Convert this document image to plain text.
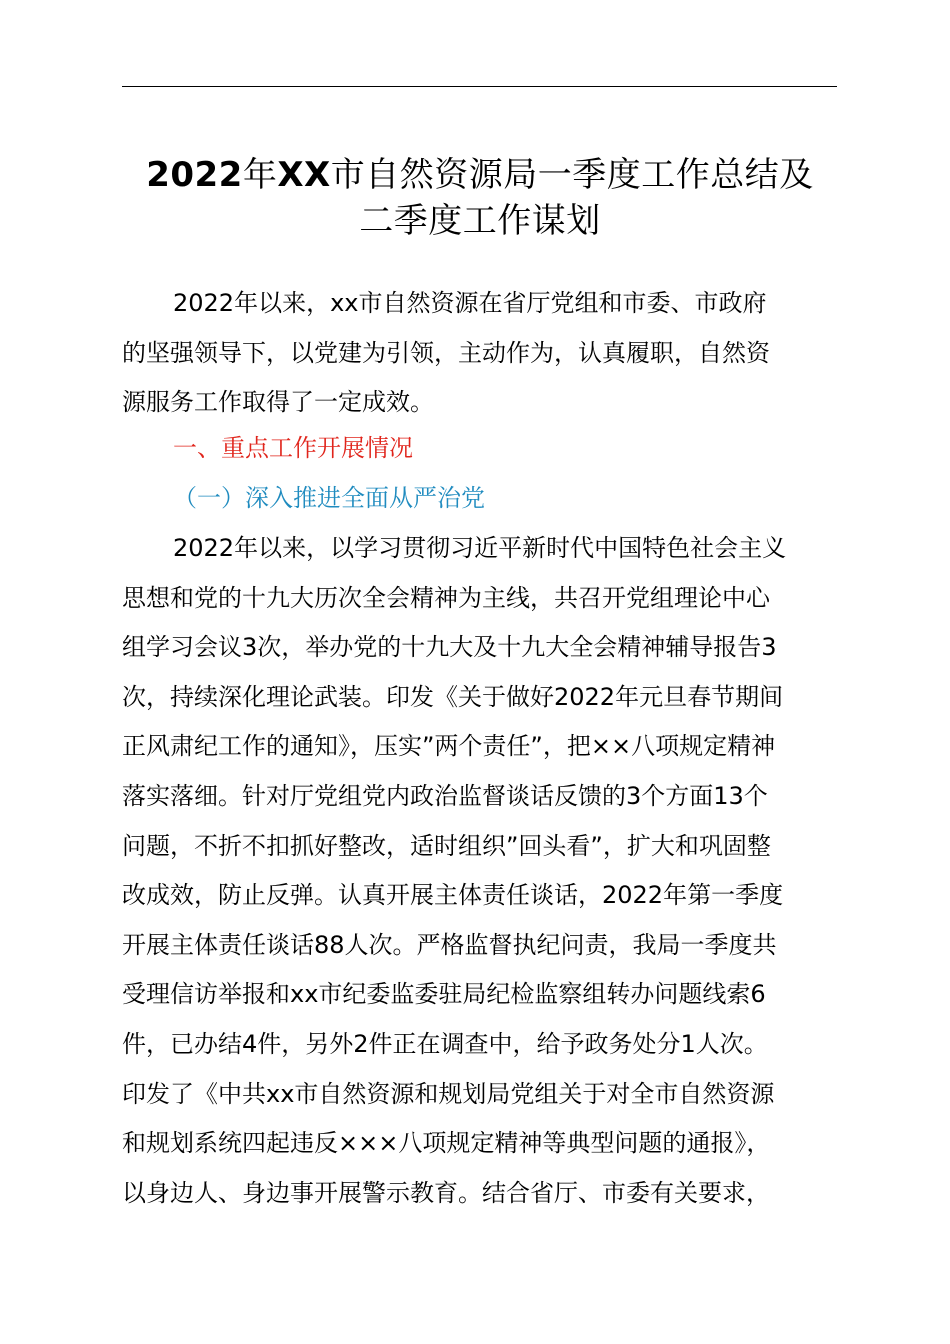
2022年XX市自然资源局一季度工作总结及
二季度工作谋划
2022年以来，xx市自然资源在省厅党组和市委、市政府
的坚强领导下，以党建为引领，主动作为，认真履职，自然资
源服务工作取得了一定成效。
一、重点工作开展情况
（一）深入推进全面从严治党
2022年以来，以学习贯彻习近平新时代中国特色社会主义
思想和党的十九大历次全会精神为主线，共召开党组理论中心
组学习会议3次，举办党的十九大及十九大全会精神辅导报告3
次，持续深化理论武装。印发《关于做好2022年元旦春节期间
正风肃纪工作的通知》，压实”两个责任”，把××八项规定精神
落实落细。针对厅党组党内政治监督谈话反馈的3个方面13个
问题，不折不扣抓好整改，适时组织”回头看”，扩大和巩固整
改成效，防止反弹。认真开展主体责任谈话，2022年第一季度
开展主体责任谈话88人次。严格监督执纪问责，我局一季度共
受理信访举报和xx市纪委监委驻局纪检监察组转办问题线索6
件，已办结4件，另外2件正在调查中，给予政务处分1人次。
印发了《中共xx市自然资源和规划局党组关于对全市自然资源
和规划系统四起违反×××八项规定精神等典型问题的通报》，
以身边人、身边事开展警示教育。结合省厅、市委有关要求，
